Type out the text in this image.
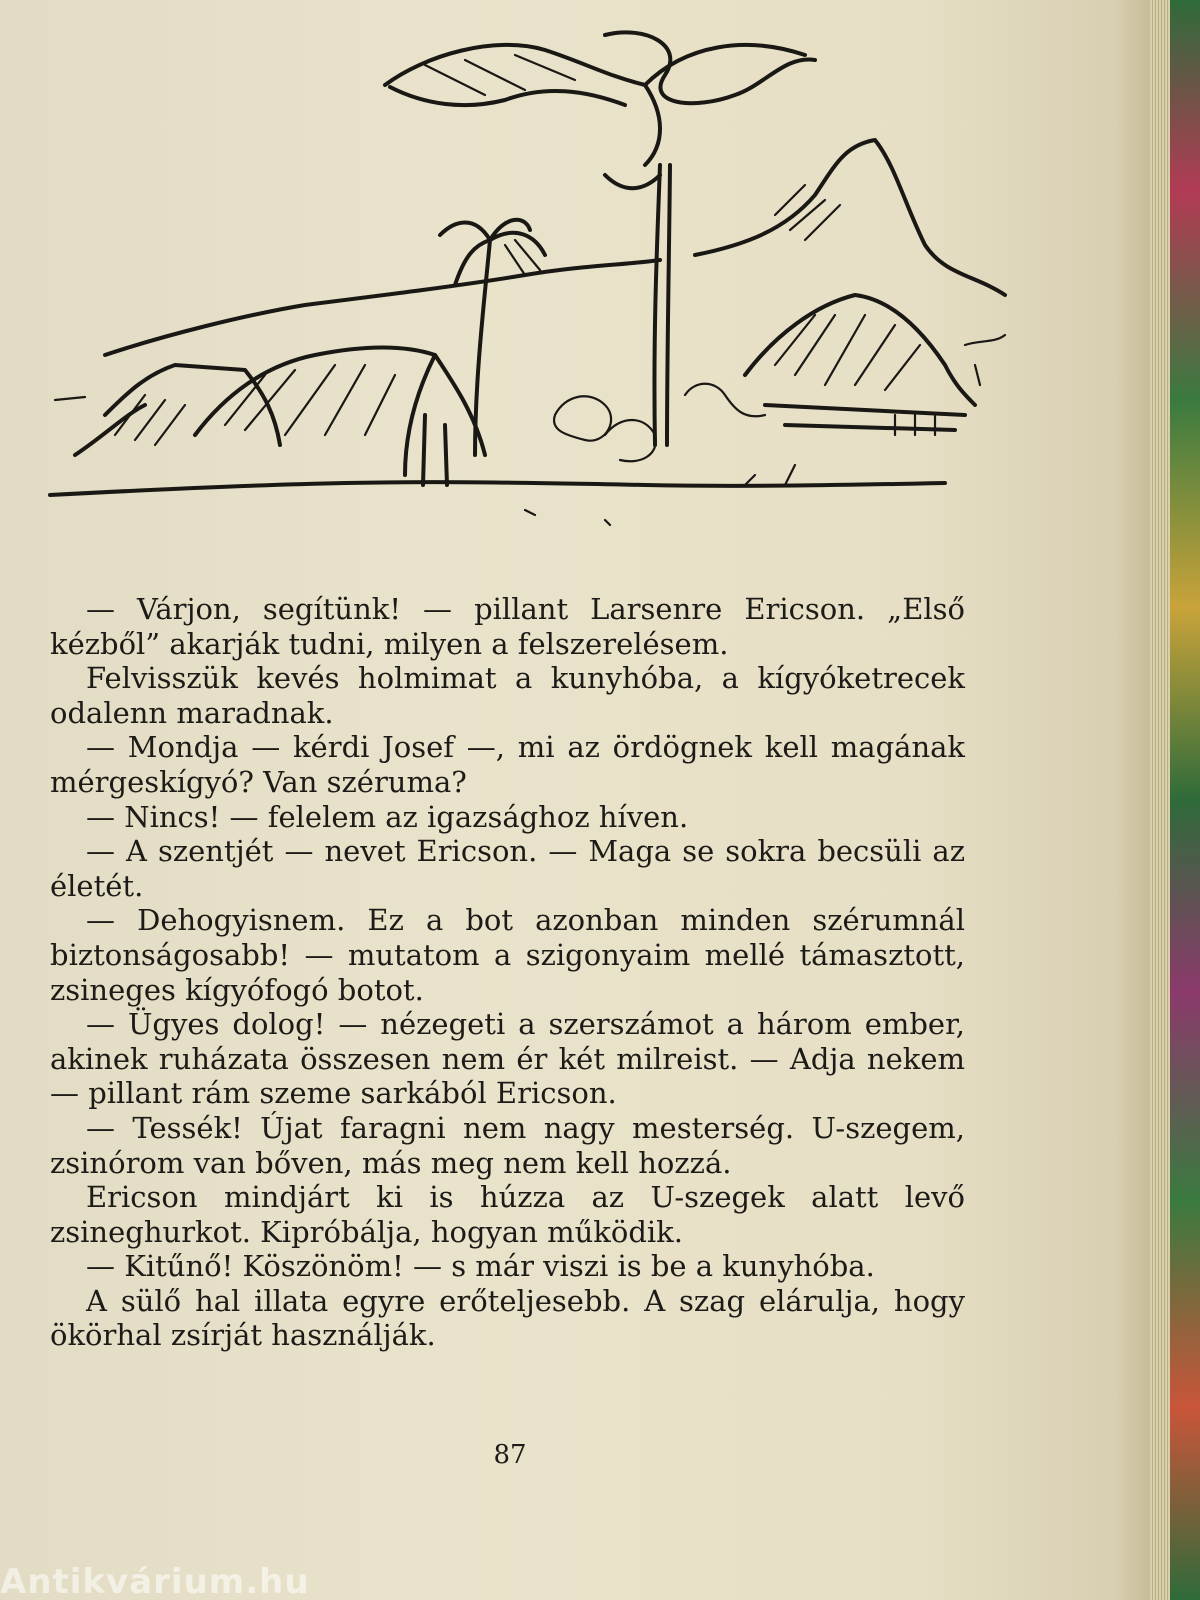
— Várjon, segítünk! — pillant Larsenre Ericson. „Első kézből” akarják tudni, milyen a felszerelésem.

Felvisszük kevés holmimat a kunyhóba, a kígyóketrecek odalenn maradnak.

— Mondja — kérdi Josef —, mi az ördögnek kell magának mérgeskígyó? Van széruma?

— Nincs! — felelem az igazsághoz híven.

— A szentjét — nevet Ericson. — Maga se sokra becsüli az életét.

— Dehogyisnem. Ez a bot azonban minden szérumnál biztonságosabb! — mutatom a szigonyaim mellé támasztott, zsineges kígyófogó botot.

— Ügyes dolog! — nézegeti a szerszámot a három ember, akinek ruházata összesen nem ér két milreist. — Adja nekem — pillant rám szeme sarkából Ericson.

— Tessék! Újat faragni nem nagy mesterség. U-szegem, zsinórom van bőven, más meg nem kell hozzá.

Ericson mindjárt ki is húzza az U-szegek alatt levő zsineghurkot. Kipróbálja, hogyan működik.

— Kitűnő! Köszönöm! — s már viszi is be a kunyhóba.

A sülő hal illata egyre erőteljesebb. A szag elárulja, hogy ökörhal zsírját használják.

87
Antikvárium.hu
